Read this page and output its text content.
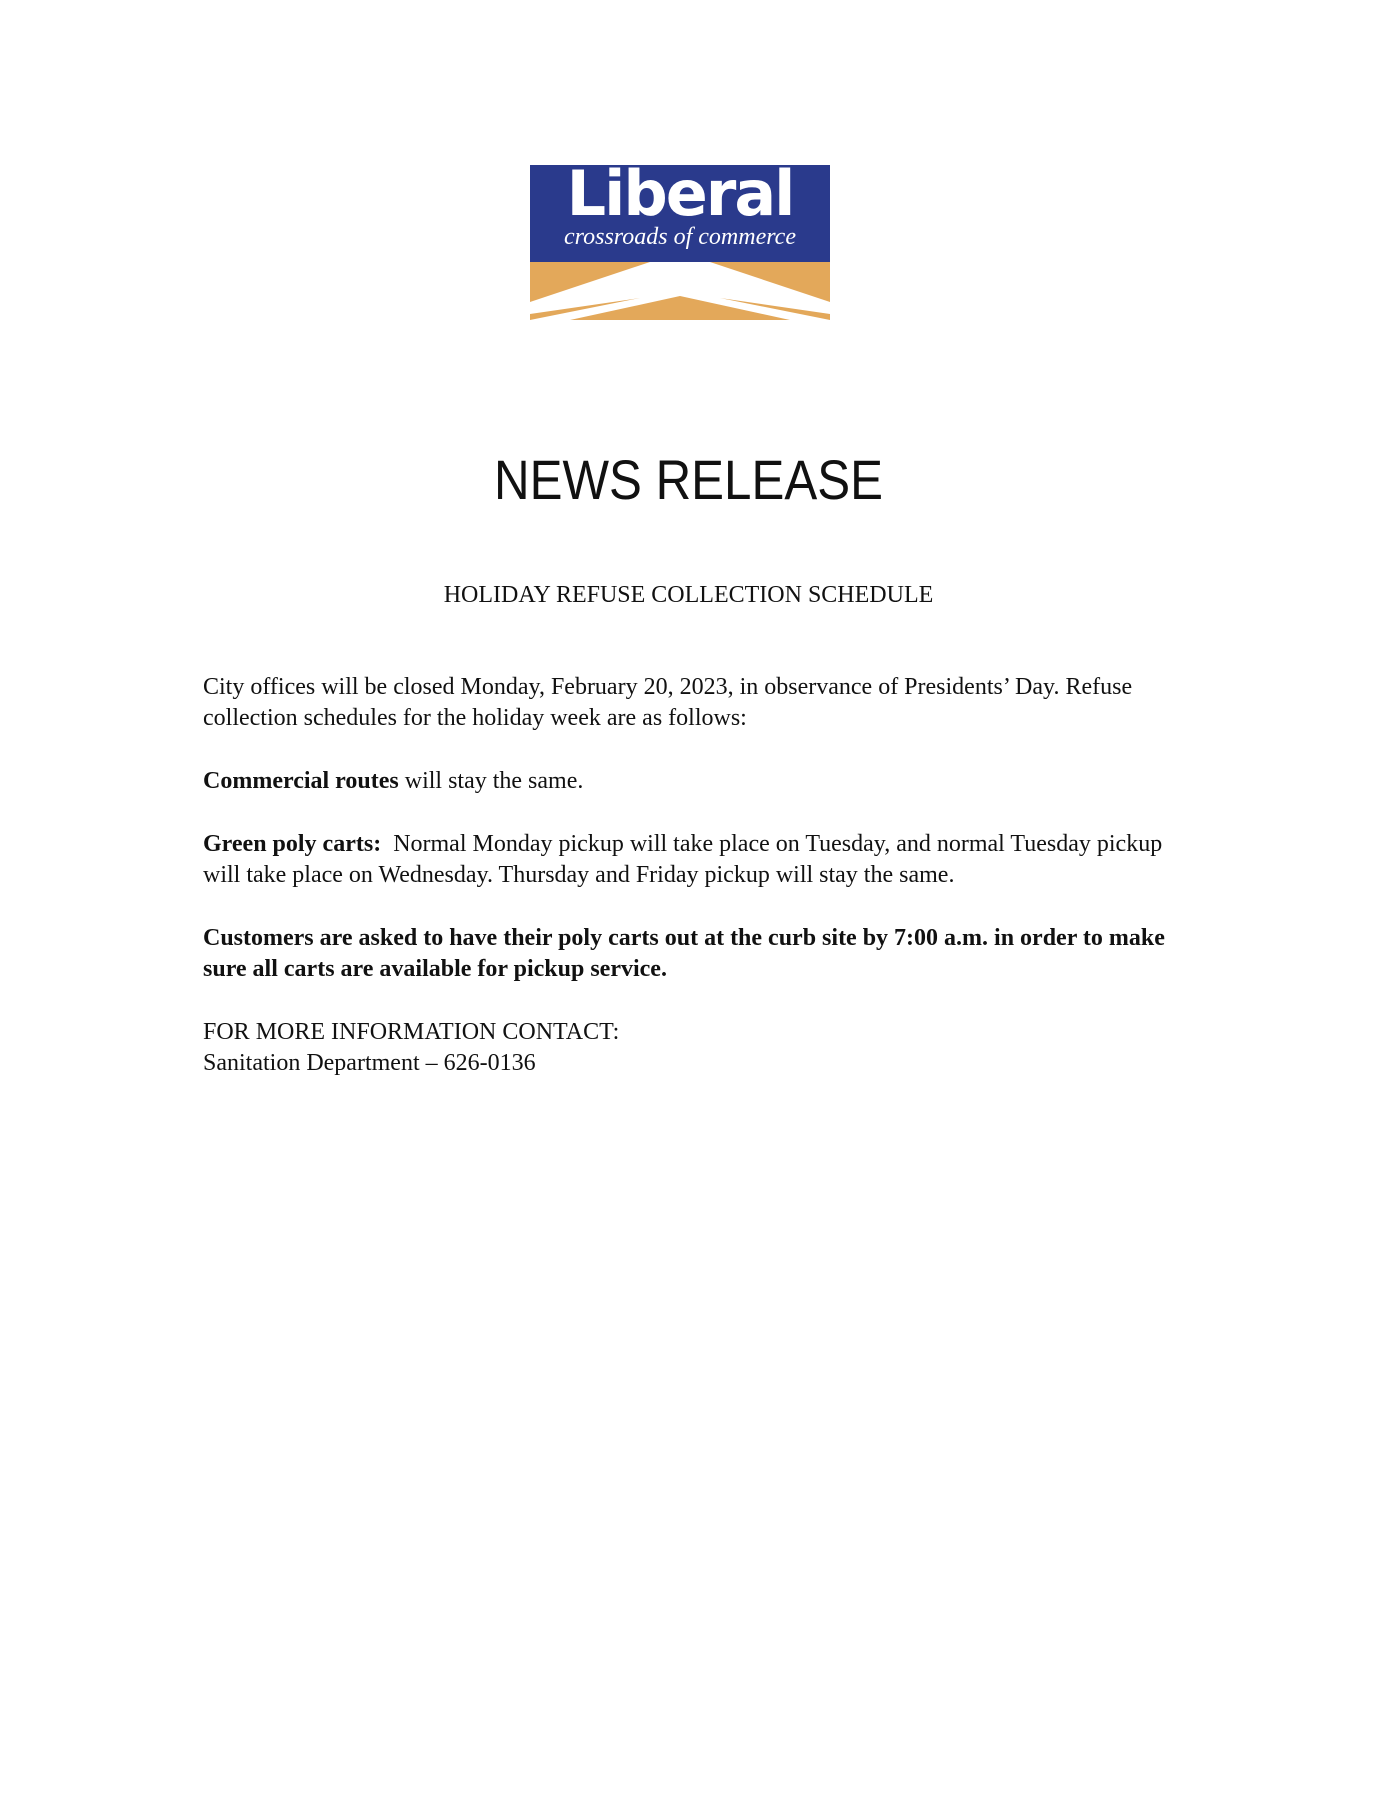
Liberal
crossroads of commerce
NEWS RELEASE
HOLIDAY REFUSE COLLECTION SCHEDULE

City offices will be closed Monday, February 20, 2023, in observance of Presidents’ Day. Refuse collection schedules for the holiday week are as follows:

Commercial routes will stay the same.

Green poly carts:  Normal Monday pickup will take place on Tuesday, and normal Tuesday pickup will take place on Wednesday. Thursday and Friday pickup will stay the same.

Customers are asked to have their poly carts out at the curb site by 7:00 a.m. in order to make sure all carts are available for pickup service.

FOR MORE INFORMATION CONTACT:
Sanitation Department – 626-0136
